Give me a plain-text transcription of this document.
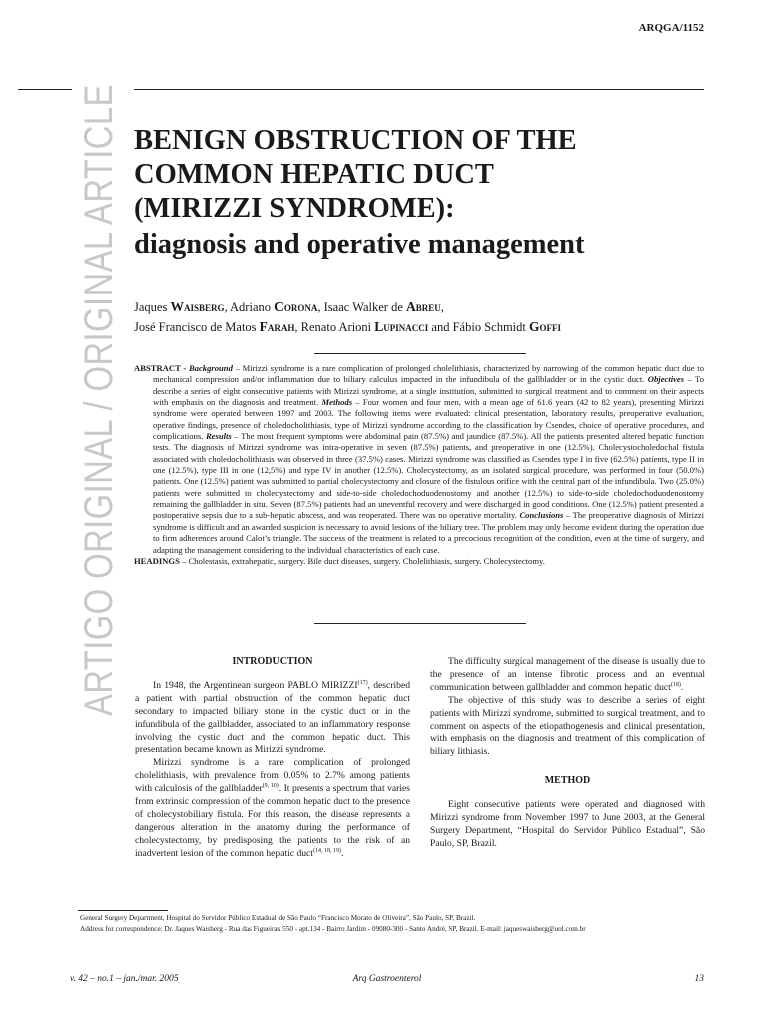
ARQGA/1152
ARTIGO ORIGINAL / ORIGINAL ARTICLE BENIGN OBSTRUCTION OF THE
COMMON HEPATIC DUCT
(MIRIZZI SYNDROME):
diagnosis and operative management
Jaques Waisberg, Adriano Corona, Isaac Walker de Abreu,
José Francisco de Matos Farah, Renato Arioni Lupinacci and Fábio Schmidt Goffi

ABSTRACT - Background – Mirizzi syndrome is a rare complication of prolonged cholelithiasis, characterized by narrowing of the common hepatic duct due to mechanical compression and/or inflammation due to biliary calculus impacted in the infundibula of the gallbladder or in the cystic duct. Objectives – To describe a series of eight consecutive patients with Mirizzi syndrome, at a single institution, submitted to surgical treatment and to comment on their aspects with emphasis on the diagnosis and treatment. Methods – Four women and four men, with a mean age of 61.6 years (42 to 82 years), presenting Mirizzi syndrome were operated between 1997 and 2003. The following items were evaluated: clinical presentation, laboratory results, preoperative evaluation, operative findings, presence of choledocholithiasis, type of Mirizzi syndrome according to the classification by Csendes, choice of operative procedures, and complications. Results – The most frequent symptoms were abdominal pain (87.5%) and jaundice (87.5%). All the patients presented altered hepatic function tests. The diagnosis of Mirizzi syndrome was intra-operative in seven (87.5%) patients, and preoperative in one (12.5%). Cholecystocholedochal fistula associated with choledocholithiasis was observed in three (37.5%) cases. Mirizzi syndrome was classified as Csendes type I in five (62.5%) patients, type II in one (12.5%), type III in one (12,5%) and type IV in another (12.5%). Cholecystectomy, as an isolated surgical procedure, was performed in four (50.0%) patients. One (12.5%) patient was submitted to partial cholecystectomy and closure of the fistulous orifice with the central part of the infundibula. Two (25.0%) patients were submitted to cholecystectomy and side-to-side choledochoduodenostomy and another (12.5%) to side-to-side choledochoduodenostomy remaining the gallbladder in situ. Seven (87.5%) patients had an uneventful recovery and were discharged in good conditions. One (12.5%) patient presented a postoperative sepsis due to a sub-hepatic abscess, and was reoperated. There was no operative mortality. Conclusions – The preoperative diagnosis of Mirizzi syndrome is difficult and an awarded suspicion is necessary to avoid lesions of the biliary tree. The problem may only become evident during the operation due to firm adherences around Calot’s triangle. The success of the treatment is related to a precocious recognition of the condition, even at the time of surgery, and adapting the management considering to the individual characteristics of each case.

HEADINGS – Cholestasis, extrahepatic, surgery. Bile duct diseases, surgery. Cholelithiasis, surgery. Cholecystectomy.

INTRODUCTION

In 1948, the Argentinean surgeon PABLO MIRIZZI$^{(17)}$, described a patient with partial obstruction of the common hepatic duct secondary to impacted biliary stone in the cystic duct or in the infundibula of the gallbladder, associated to an inflammatory response involving the cystic duct and the common hepatic duct. This presentation became known as Mirizzi syndrome.

Mirizzi syndrome is a rare complication of prolonged cholelithiasis, with prevalence from 0.05% to 2.7% among patients with calculosis of the gallbladder$^{(9, 10)}$. It presents a spectrum that varies from extrinsic compression of the common hepatic duct to the presence of cholecystobiliary fistula. For this reason, the disease represents a dangerous alteration in the anatomy during the performance of cholecystectomy, by predisposing the patients to the risk of an inadvertent lesion of the common hepatic duct$^{(14, 18, 19)}$.

The difficulty surgical management of the disease is usually due to the presence of an intense fibrotic process and an eventual communication between gallbladder and common hepatic duct$^{(18)}$.

The objective of this study was to describe a series of eight patients with Mirizzi syndrome, submitted to surgical treatment, and to comment on aspects of the etiopathogenesis and clinical presentation, with emphasis on the diagnosis and treatment of this complication of biliary lithiasis.

METHOD

Eight consecutive patients were operated and diagnosed with Mirizzi syndrome from November 1997 to June 2003, at the General Surgery Department, “Hospital do Servidor Público Estadual”, São Paulo, SP, Brazil.

General Surgery Department, Hospital do Servidor Público Estadual de São Paulo “Francisco Morato de Oliveira”, São Paulo, SP, Brazil.
Address for correspondence: Dr. Jaques Waisberg - Rua das Figueiras 550 - apt.134 - Bairro Jardim - 09080-300 - Santo André, SP, Brazil. E-mail: jaqueswaisberg@uol.com.br
v. 42 – no.1 – jan./mar. 2005	Arq Gastroenterol	13
